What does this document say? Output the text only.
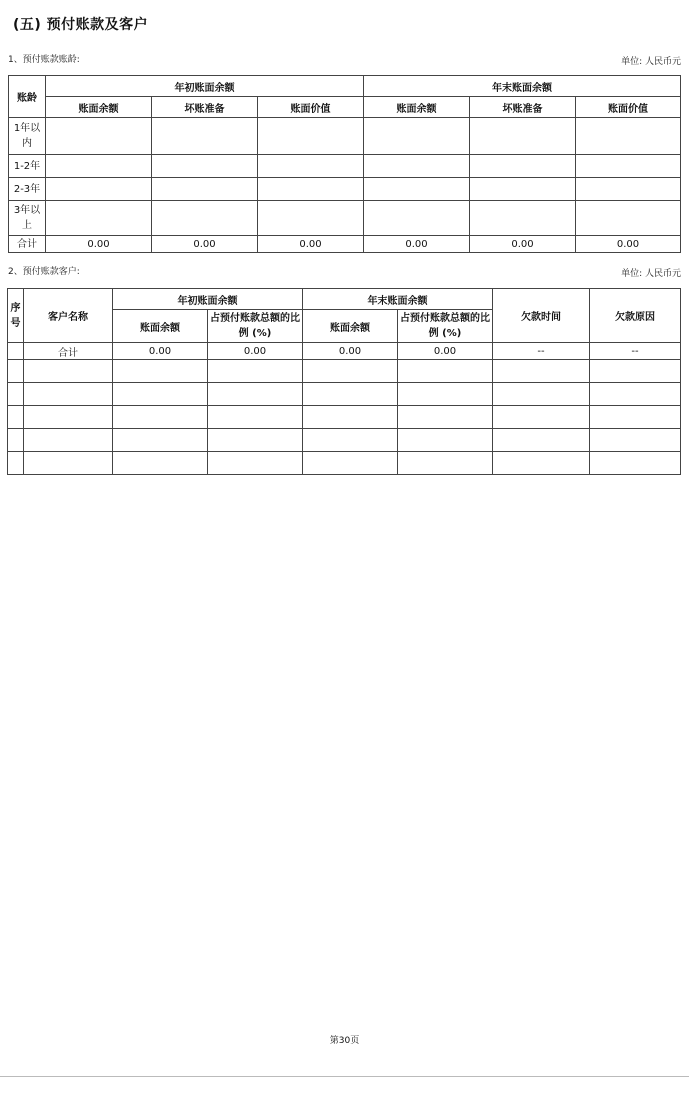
(五) 预付账款及客户
1、预付账款账龄:	单位: 人民币元
账龄	年初账面余额			年末账面余额		
	账面余额	坏账准备	账面价值	账面余额	坏账准备	账面价值
1年以内						
1-2年						
2-3年						
3年以上						
合计	0.00	0.00	0.00	0.00	0.00	0.00
2、预付账款客户:	单位: 人民币元
序号	客户名称	年初账面余额		年末账面余额		欠款时间	欠款原因
		账面余额	占预付账款总额的比例 (%)	账面余额	占预付账款总额的比例 (%)		
	合计	0.00	0.00	0.00	0.00	--	--

第30页
